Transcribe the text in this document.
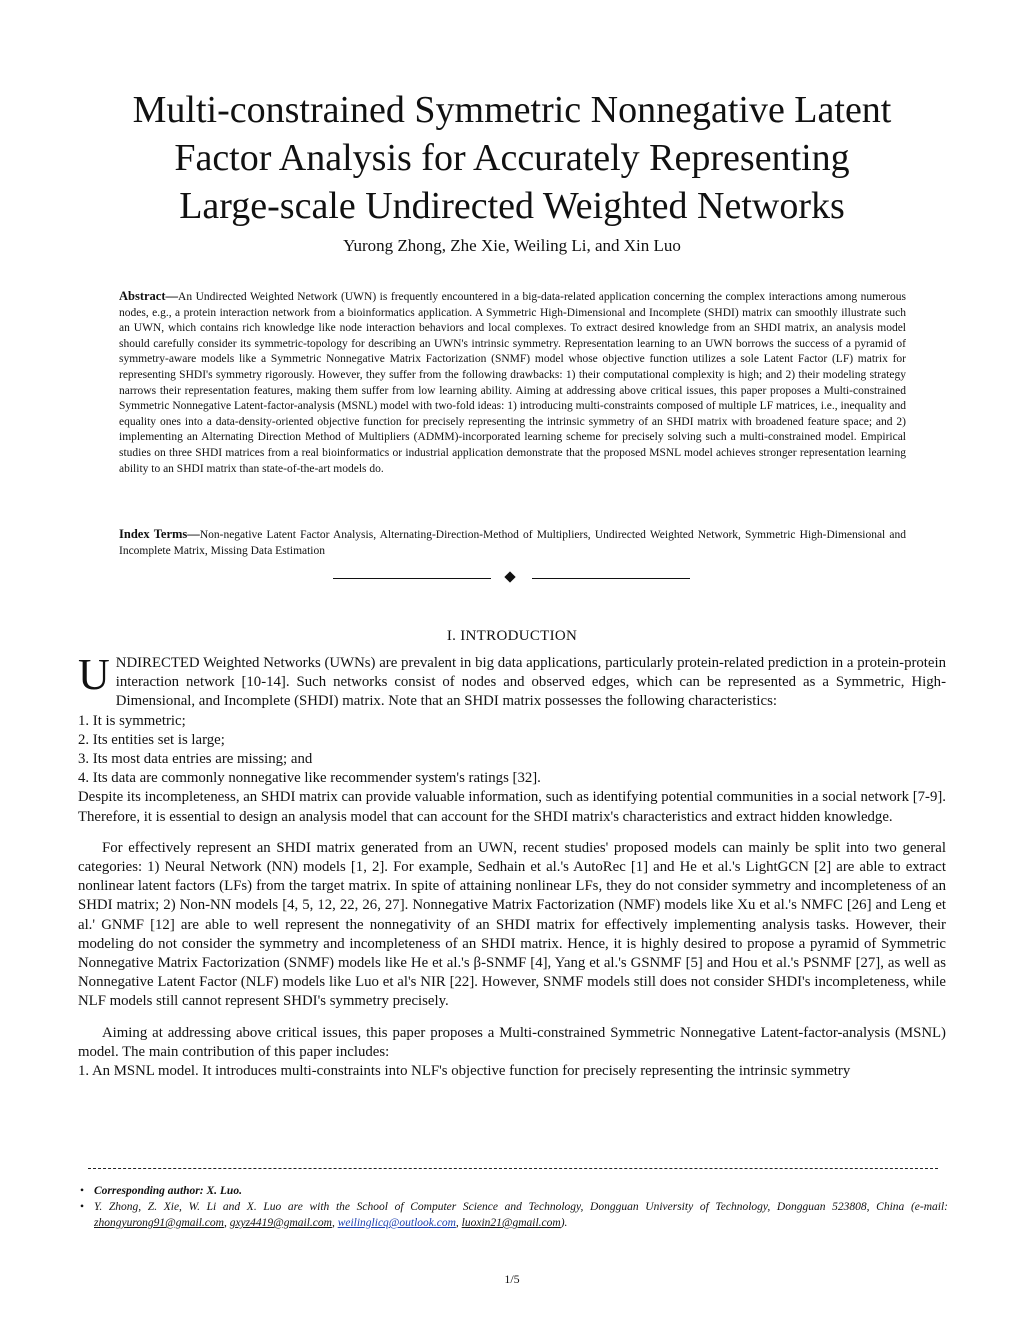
Multi-constrained Symmetric Nonnegative Latent
Factor Analysis for Accurately Representing
Large-scale Undirected Weighted Networks
Yurong Zhong, Zhe Xie, Weiling Li, and Xin Luo
Abstract—An Undirected Weighted Network (UWN) is frequently encountered in a big-data-related application concerning the complex interactions among numerous nodes, e.g., a protein interaction network from a bioinformatics application. A Symmetric High-Dimensional and Incomplete (SHDI) matrix can smoothly illustrate such an UWN, which contains rich knowledge like node interaction behaviors and local complexes. To extract desired knowledge from an SHDI matrix, an analysis model should carefully consider its symmetric-topology for describing an UWN's intrinsic symmetry. Representation learning to an UWN borrows the success of a pyramid of symmetry-aware models like a Symmetric Nonnegative Matrix Factorization (SNMF) model whose objective function utilizes a sole Latent Factor (LF) matrix for representing SHDI's symmetry rigorously. However, they suffer from the following drawbacks: 1) their computational complexity is high; and 2) their modeling strategy narrows their representation features, making them suffer from low learning ability. Aiming at addressing above critical issues, this paper proposes a Multi-constrained Symmetric Nonnegative Latent-factor-analysis (MSNL) model with two-fold ideas: 1) introducing multi-constraints composed of multiple LF matrices, i.e., inequality and equality ones into a data-density-oriented objective function for precisely representing the intrinsic symmetry of an SHDI matrix with broadened feature space; and 2) implementing an Alternating Direction Method of Multipliers (ADMM)-incorporated learning scheme for precisely solving such a multi-constrained model. Empirical studies on three SHDI matrices from a real bioinformatics or industrial application demonstrate that the proposed MSNL model achieves stronger representation learning ability to an SHDI matrix than state-of-the-art models do.
Index Terms—Non-negative Latent Factor Analysis, Alternating-Direction-Method of Multipliers, Undirected Weighted Network, Symmetric High-Dimensional and Incomplete Matrix, Missing Data Estimation
I. INTRODUCTION

UNDIRECTED Weighted Networks (UWNs) are prevalent in big data applications, particularly protein-related prediction in a protein-protein interaction network [10-14]. Such networks consist of nodes and observed edges, which can be represented as a Symmetric, High-Dimensional, and Incomplete (SHDI) matrix. Note that an SHDI matrix possesses the following characteristics:

1. It is symmetric;
2. Its entities set is large;
3. Its most data entries are missing; and
4. Its data are commonly nonnegative like recommender system's ratings [32].

Despite its incompleteness, an SHDI matrix can provide valuable information, such as identifying potential communities in a social network [7-9]. Therefore, it is essential to design an analysis model that can account for the SHDI matrix's characteristics and extract hidden knowledge.

For effectively represent an SHDI matrix generated from an UWN, recent studies' proposed models can mainly be split into two general categories: 1) Neural Network (NN) models [1, 2]. For example, Sedhain et al.'s AutoRec [1] and He et al.'s LightGCN [2] are able to extract nonlinear latent factors (LFs) from the target matrix. In spite of attaining nonlinear LFs, they do not consider symmetry and incompleteness of an SHDI matrix; 2) Non-NN models [4, 5, 12, 22, 26, 27]. Nonnegative Matrix Factorization (NMF) models like Xu et al.'s NMFC [26] and Leng et al.' GNMF [12] are able to well represent the nonnegativity of an SHDI matrix for effectively implementing analysis tasks. However, their modeling do not consider the symmetry and incompleteness of an SHDI matrix. Hence, it is highly desired to propose a pyramid of Symmetric Nonnegative Matrix Factorization (SNMF) models like He et al.'s β-SNMF [4], Yang et al.'s GSNMF [5] and Hou et al.'s PSNMF [27], as well as Nonnegative Latent Factor (NLF) models like Luo et al's NIR [22]. However, SNMF models still does not consider SHDI's incompleteness, while NLF models still cannot represent SHDI's symmetry precisely.

Aiming at addressing above critical issues, this paper proposes a Multi-constrained Symmetric Nonnegative Latent-factor-analysis (MSNL) model. The main contribution of this paper includes:

1. An MSNL model. It introduces multi-constraints into NLF's objective function for precisely representing the intrinsic symmetry

• Corresponding author: X. Luo.
• Y. Zhong, Z. Xie, W. Li and X. Luo are with the School of Computer Science and Technology, Dongguan University of Technology, Dongguan 523808, China (e-mail: zhongyurong91@gmail.com, gxyz4419@gmail.com, weilinglicq@outlook.com, luoxin21@gmail.com).
1/5
